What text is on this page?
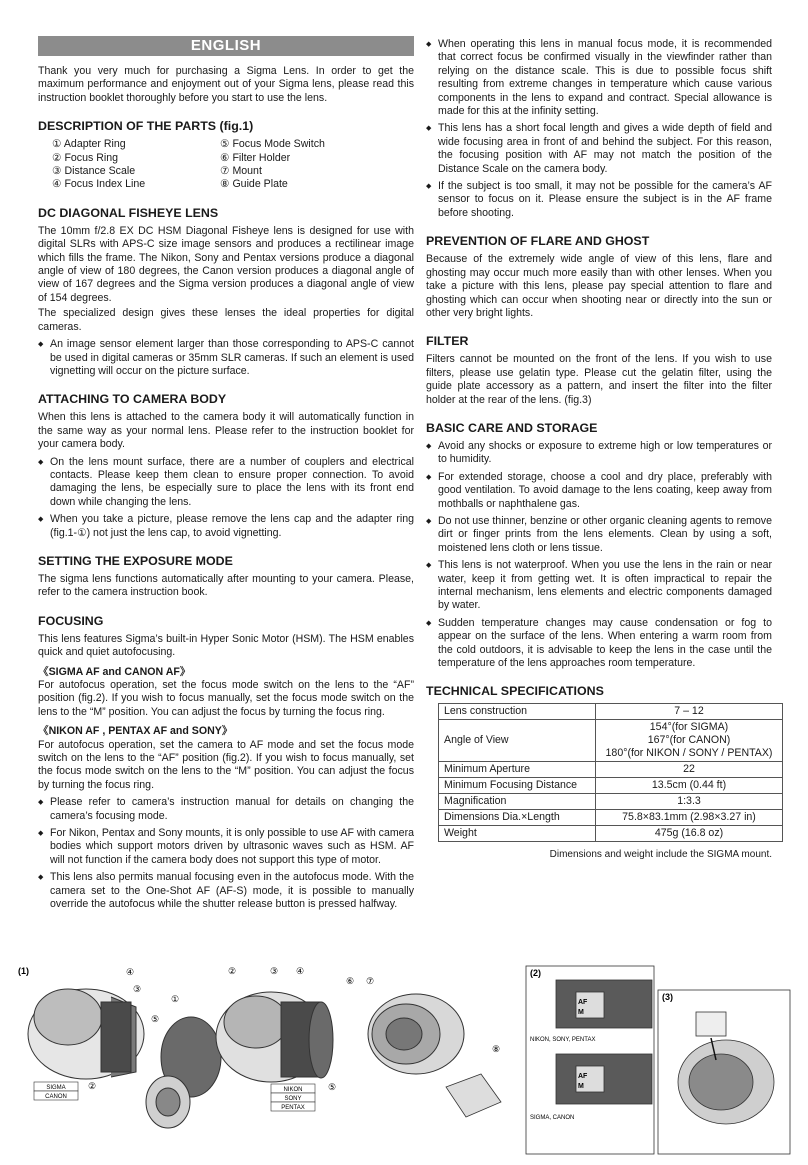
ENGLISH

Thank you very much for purchasing a Sigma Lens. In order to get the maximum performance and enjoyment out of your Sigma lens, please read this instruction booklet thoroughly before you start to use the lens.

DESCRIPTION OF THE PARTS (fig.1)
① Adapter Ring	⑤ Focus Mode Switch
② Focus Ring	⑥ Filter Holder
③ Distance Scale	⑦ Mount
④ Focus Index Line	⑧ Guide Plate
DC DIAGONAL FISHEYE LENS

The 10mm f/2.8 EX DC HSM Diagonal Fisheye lens is designed for use with digital SLRs with APS-C size image sensors and produces a rectilinear image which fills the frame. The Nikon, Sony and Pentax versions produce a diagonal angle of view of 180 degrees, the Canon version produces a diagonal angle of view of 167 degrees and the Sigma version produces a diagonal angle of view of 154 degrees.

The specialized design gives these lenses the ideal properties for digital cameras.

◆ An image sensor element larger than those corresponding to APS-C cannot be used in digital cameras or 35mm SLR cameras. If such an element is used vignetting will occur on the picture surface.
ATTACHING TO CAMERA BODY

When this lens is attached to the camera body it will automatically function in the same way as your normal lens. Please refer to the instruction booklet for your camera body.

◆ On the lens mount surface, there are a number of couplers and electrical contacts. Please keep them clean to ensure proper connection. To avoid damaging the lens, be especially sure to place the lens with its front end down while changing the lens.
◆ When you take a picture, please remove the lens cap and the adapter ring (fig.1-①) not just the lens cap, to avoid vignetting.
SETTING THE EXPOSURE MODE

The sigma lens functions automatically after mounting to your camera. Please, refer to the camera instruction book.

FOCUSING

This lens features Sigma’s built-in Hyper Sonic Motor (HSM). The HSM enables quick and quiet autofocusing.

《SIGMA AF and CANON AF》

For autofocus operation, set the focus mode switch on the lens to the “AF” position (fig.2). If you wish to focus manually, set the focus mode switch on the lens to the “M” position. You can adjust the focus by turning the focus ring.

《NIKON AF , PENTAX AF and SONY》

For autofocus operation, set the camera to AF mode and set the focus mode switch on the lens to the “AF” position (fig.2). If you wish to focus manually, set the focus mode switch on the lens to the “M” position. You can adjust the focus by turning the focus ring.

◆ Please refer to camera’s instruction manual for details on changing the camera’s focusing mode.
◆ For Nikon, Pentax and Sony mounts, it is only possible to use AF with camera bodies which support motors driven by ultrasonic waves such as HSM. AF will not function if the camera body does not support this type of motor.
◆ This lens also permits manual focusing even in the autofocus mode. With the camera set to the One-Shot AF (AF-S) mode, it is possible to manually override the autofocus while the shutter release button is pressed halfway.
◆ When operating this lens in manual focus mode, it is recommended that correct focus be confirmed visually in the viewfinder rather than relying on the distance scale. This is due to possible focus shift resulting from extreme changes in temperature which cause various components in the lens to expand and contract. Special allowance is made for this at the infinity setting.
◆ This lens has a short focal length and gives a wide depth of field and wide focusing area in front of and behind the subject. For this reason, the focusing position with AF may not match the position of the Distance Scale on the camera body.
◆ If the subject is too small, it may not be possible for the camera’s AF sensor to focus on it. Please ensure the subject is in the AF frame before shooting.
PREVENTION OF FLARE AND GHOST

Because of the extremely wide angle of view of this lens, flare and ghosting may occur much more easily than with other lenses. When you take a picture with this lens, please pay special attention to flare and ghosting which can occur when shooting near or directly into the sun or other very bright lights.

FILTER

Filters cannot be mounted on the front of the lens. If you wish to use filters, please use gelatin type. Please cut the gelatin filter, using the guide plate accessory as a pattern, and insert the filter into the filter holder at the rear of the lens. (fig.3)

BASIC CARE AND STORAGE
◆ Avoid any shocks or exposure to extreme high or low temperatures or to humidity.
◆ For extended storage, choose a cool and dry place, preferably with good ventilation. To avoid damage to the lens coating, keep away from mothballs or naphthalene gas.
◆ Do not use thinner, benzine or other organic cleaning agents to remove dirt or finger prints from the lens elements. Clean by using a soft, moistened lens cloth or lens tissue.
◆ This lens is not waterproof. When you use the lens in the rain or near water, keep it from getting wet. It is often impractical to repair the internal mechanism, lens elements and electric components damaged by water.
◆ Sudden temperature changes may cause condensation or fog to appear on the surface of the lens. When entering a warm room from the cold outdoors, it is advisable to keep the lens in the case until the temperature of the lens approaches room temperature.
TECHNICAL SPECIFICATIONS
Lens construction	7 – 12
Angle of View	154°(for SIGMA)
167°(for CANON)
180°(for NIKON / SONY / PENTAX)
Minimum Aperture	22
Minimum Focusing Distance	13.5cm (0.44 ft)
Magnification	1:3.3
Dimensions Dia.×Length	75.8×83.1mm (2.98×3.27 in)
Weight	475g (16.8 oz)
Dimensions and weight include the SIGMA mount.
(1)	④
③
⑤
①
②
SIGMA
CANON
②	③ ④
⑤
NIKON
SONY
PENTAX
⑥ ⑦
⑧
(2)
AF
M
NIKON, SONY, PENTAX
AF
M
SIGMA, CANON
(3)
